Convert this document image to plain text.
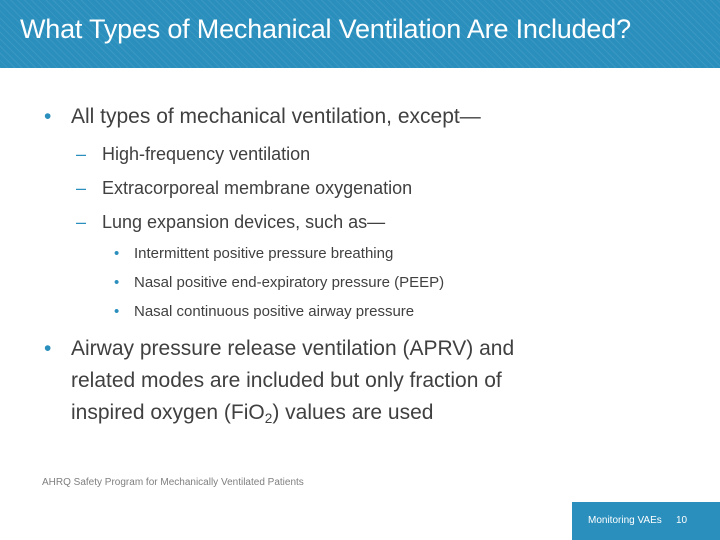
What Types of Mechanical Ventilation Are Included?
• All types of mechanical ventilation, except—
– High-frequency ventilation
– Extracorporeal membrane oxygenation
– Lung expansion devices, such as—
• Intermittent positive pressure breathing
• Nasal positive end-expiratory pressure (PEEP)
• Nasal continuous positive airway pressure
• Airway pressure release ventilation (APRV) and
related modes are included but only fraction of
inspired oxygen (FiO$_2$) values are used
AHRQ Safety Program for Mechanically Ventilated Patients
Monitoring VAEs 10
